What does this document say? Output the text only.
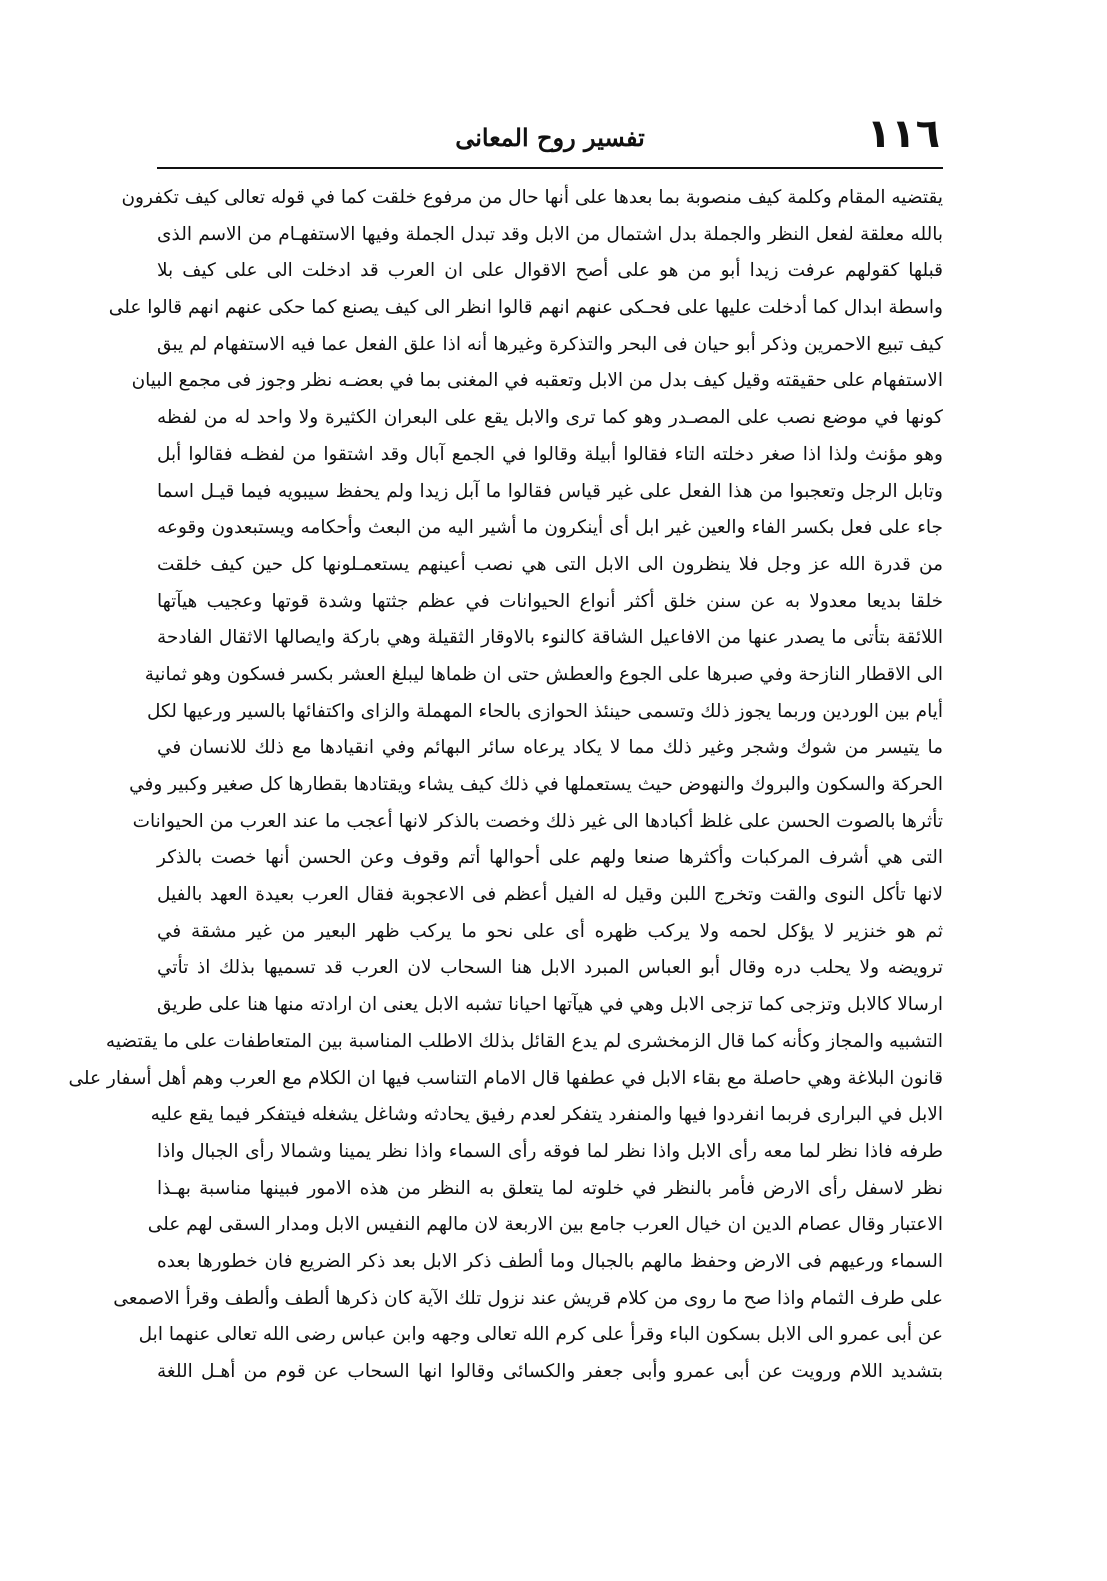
١١٦
تفسير روح المعانى
يقتضيه المقام وكلمة كيف منصوبة بما بعدها على أنها حال من مرفوع خلقت كما في قوله تعالى كيف تكفرون
بالله معلقة لفعل النظر والجملة بدل اشتمال من الابل وقد تبدل الجملة وفيها الاستفهـام من الاسم الذى
قبلها كقولهم عرفت زيدا أبو من هو على أصح الاقوال على ان العرب قد ادخلت الى على كيف بلا
واسطة ابدال كما أدخلت عليها على فحـكى عنهم انهم قالوا انظر الى كيف يصنع كما حكى عنهم انهم قالوا على
كيف تبيع الاحمرين وذكر أبو حيان فى البحر والتذكرة وغيرها أنه اذا علق الفعل عما فيه الاستفهام لم يبق
الاستفهام على حقيقته وقيل كيف بدل من الابل وتعقبه في المغنى بما في بعضـه نظر وجوز فى مجمع البيان
كونها في موضع نصب على المصـدر وهو كما ترى والابل يقع على البعران الكثيرة ولا واحد له من لفظه
وهو مؤنث ولذا اذا صغر دخلته التاء فقالوا أبيلة وقالوا في الجمع آبال وقد اشتقوا من لفظـه فقالوا أبل
وتابل الرجل وتعجبوا من هذا الفعل على غير قياس فقالوا ما آبل زيدا ولم يحفظ سيبويه فيما قيـل اسما
جاء على فعل بكسر الفاء والعين غير ابل أى أينكرون ما أشير اليه من البعث وأحكامه ويستبعدون وقوعه
من قدرة الله عز وجل فلا ينظرون الى الابل التى هي نصب أعينهم يستعمـلونها كل حين كيف خلقت
خلقا بديعا معدولا به عن سنن خلق أكثر أنواع الحيوانات في عظم جثتها وشدة قوتها وعجيب هيآتها
اللائقة بتأتى ما يصدر عنها من الافاعيل الشاقة كالنوء بالاوقار الثقيلة وهي باركة وايصالها الاثقال الفادحة
الى الاقطار النازحة وفي صبرها على الجوع والعطش حتى ان ظماها ليبلغ العشر بكسر فسكون وهو ثمانية
أيام بين الوردين وربما يجوز ذلك وتسمى حينئذ الحوازى بالحاء المهملة والزاى واكتفائها بالسير ورعيها لكل
ما يتيسر من شوك وشجر وغير ذلك مما لا يكاد يرعاه سائر البهائم وفي انقيادها مع ذلك للانسان في
الحركة والسكون والبروك والنهوض حيث يستعملها في ذلك كيف يشاء ويقتادها بقطارها كل صغير وكبير وفي
تأثرها بالصوت الحسن على غلظ أكبادها الى غير ذلك وخصت بالذكر لانها أعجب ما عند العرب من الحيوانات
التى هي أشرف المركبات وأكثرها صنعا ولهم على أحوالها أتم وقوف وعن الحسن أنها خصت بالذكر
لانها تأكل النوى والقت وتخرج اللبن وقيل له الفيل أعظم فى الاعجوبة فقال العرب بعيدة العهد بالفيل
ثم هو خنزير لا يؤكل لحمه ولا يركب ظهره أى على نحو ما يركب ظهر البعير من غير مشقة في
ترويضه ولا يحلب دره وقال أبو العباس المبرد الابل هنا السحاب لان العرب قد تسميها بذلك اذ تأتي
ارسالا كالابل وتزجى كما تزجى الابل وهي في هيآتها احيانا تشبه الابل يعنى ان ارادته منها هنا على طريق
التشبيه والمجاز وكأنه كما قال الزمخشرى لم يدع القائل بذلك الاطلب المناسبة بين المتعاطفات على ما يقتضيه
قانون البلاغة وهي حاصلة مع بقاء الابل في عطفها قال الامام التناسب فيها ان الكلام مع العرب وهم أهل أسفار على
الابل في البرارى فربما انفردوا فيها والمنفرد يتفكر لعدم رفيق يحادثه وشاغل يشغله فيتفكر فيما يقع عليه
طرفه فاذا نظر لما معه رأى الابل واذا نظر لما فوقه رأى السماء واذا نظر يمينا وشمالا رأى الجبال واذا
نظر لاسفل رأى الارض فأمر بالنظر في خلوته لما يتعلق به النظر من هذه الامور فبينها مناسبة بهـذا
الاعتبار وقال عصام الدين ان خيال العرب جامع بين الاربعة لان مالهم النفيس الابل ومدار السقى لهم على
السماء ورعيهم فى الارض وحفظ مالهم بالجبال وما ألطف ذكر الابل بعد ذكر الضريع فان خطورها بعده
على طرف الثمام واذا صح ما روى من كلام قريش عند نزول تلك الآية كان ذكرها ألطف وألطف وقرأ الاصمعى
عن أبى عمرو الى الابل بسكون الباء وقرأ على كرم الله تعالى وجهه وابن عباس رضى الله تعالى عنهما ابل
بتشديد اللام ورويت عن أبى عمرو وأبى جعفر والكسائى وقالوا انها السحاب عن قوم من أهـل اللغة
